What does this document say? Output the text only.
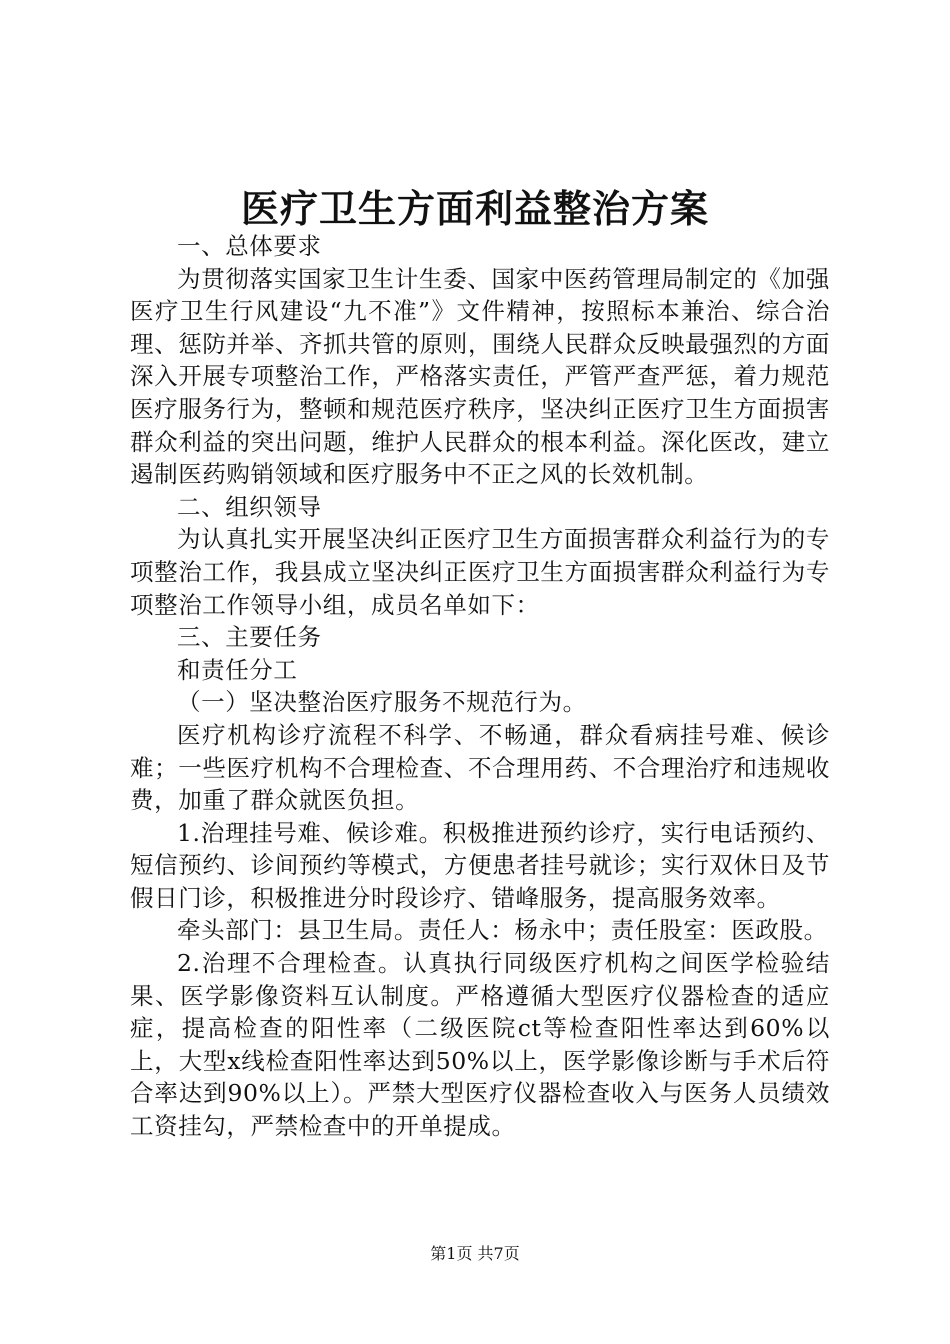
医疗卫生方面利益整治方案

一、总体要求

为贯彻落实国家卫生计生委、国家中医药管理局制定的《加强医疗卫生行风建设“九不准”》文件精神，按照标本兼治、综合治理、惩防并举、齐抓共管的原则，围绕人民群众反映最强烈的方面深入开展专项整治工作，严格落实责任，严管严查严惩，着力规范医疗服务行为，整顿和规范医疗秩序，坚决纠正医疗卫生方面损害群众利益的突出问题，维护人民群众的根本利益。深化医改，建立遏制医药购销领域和医疗服务中不正之风的长效机制。

二、组织领导

为认真扎实开展坚决纠正医疗卫生方面损害群众利益行为的专项整治工作，我县成立坚决纠正医疗卫生方面损害群众利益行为专项整治工作领导小组，成员名单如下：

三、主要任务

和责任分工

（一）坚决整治医疗服务不规范行为。

医疗机构诊疗流程不科学、不畅通，群众看病挂号难、候诊难；一些医疗机构不合理检查、不合理用药、不合理治疗和违规收费，加重了群众就医负担。

1.治理挂号难、候诊难。积极推进预约诊疗，实行电话预约、短信预约、诊间预约等模式，方便患者挂号就诊；实行双休日及节假日门诊，积极推进分时段诊疗、错峰服务，提高服务效率。

牵头部门：县卫生局。责任人：杨永中；责任股室：医政股。

2.治理不合理检查。认真执行同级医疗机构之间医学检验结果、医学影像资料互认制度。严格遵循大型医疗仪器检查的适应症，提高检查的阳性率（二级医院ct等检查阳性率达到60%以上，大型x线检查阳性率达到50%以上，医学影像诊断与手术后符合率达到90%以上）。严禁大型医疗仪器检查收入与医务人员绩效工资挂勾，严禁检查中的开单提成。

第1页 共7页
